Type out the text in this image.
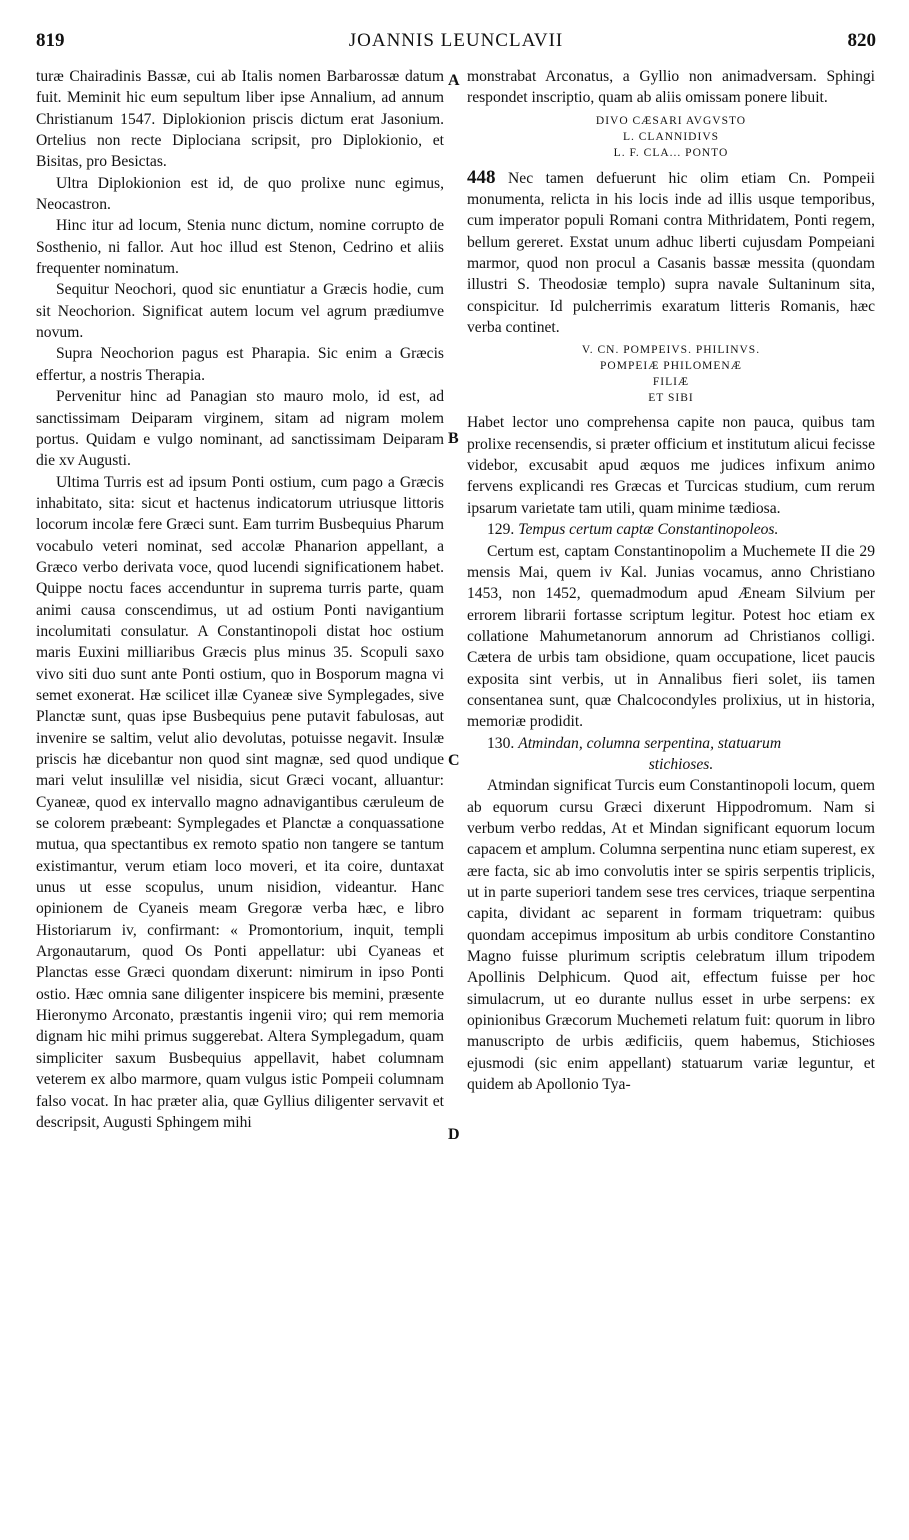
819	JOANNIS LEUNCLAVII	820

turæ Chairadinis Bassæ, cui ab Italis nomen Barbarossæ datum fuit. Meminit hic eum sepultum liber ipse Annalium, ad annum Christianum 1547. Diplokionion priscis dictum erat Jasonium. Ortelius non recte Diplociana scripsit, pro Diplokionio, et Bisitas, pro Besictas.

Ultra Diplokionion est id, de quo prolixe nunc egimus, Neocastron.

Hinc itur ad locum, Stenia nunc dictum, nomine corrupto de Sosthenio, ni fallor. Aut hoc illud est Stenon, Cedrino et aliis frequenter nominatum.

Sequitur Neochori, quod sic enuntiatur a Græcis hodie, cum sit Neochorion. Significat autem locum vel agrum prædiumve novum.

Supra Neochorion pagus est Pharapia. Sic enim a Græcis effertur, a nostris Therapia.

Pervenitur hinc ad Panagian sto mauro molo, id est, ad sanctissimam Deiparam virginem, sitam ad nigram molem portus. Quidam e vulgo nominant, ad sanctissimam Deiparam die xv Augusti.

Ultima Turris est ad ipsum Ponti ostium, cum pago a Græcis inhabitato, sita: sicut et hactenus indicatorum utriusque littoris locorum incolæ fere Græci sunt. Eam turrim Busbequius Pharum vocabulo veteri nominat, sed accolæ Phanarion appellant, a Græco verbo derivata voce, quod lucendi significationem habet. Quippe noctu faces accenduntur in suprema turris parte, quam animi causa conscendimus, ut ad ostium Ponti navigantium incolumitati consulatur. A Constantinopoli distat hoc ostium maris Euxini milliaribus Græcis plus minus 35. Scopuli saxo vivo siti duo sunt ante Ponti ostium, quo in Bosporum magna vi semet exonerat. Hæ scilicet illæ Cyaneæ sive Symplegades, sive Planctæ sunt, quas ipse Busbequius pene putavit fabulosas, aut invenire se saltim, velut alio devolutas, potuisse negavit. Insulæ priscis hæ dicebantur non quod sint magnæ, sed quod undique mari velut insulillæ vel nisidia, sicut Græci vocant, alluantur: Cyaneæ, quod ex intervallo magno adnavigantibus cæruleum de se colorem præbeant: Symplegades et Planctæ a conquassatione mutua, qua spectantibus ex remoto spatio non tangere se tantum existimantur, verum etiam loco moveri, et ita coire, duntaxat unus ut esse scopulus, unum nisidion, videantur. Hanc opinionem de Cyaneis meam Gregoræ verba hæc, e libro Historiarum iv, confirmant: « Promontorium, inquit, templi Argonautarum, quod Os Ponti appellatur: ubi Cyaneas et Planctas esse Græci quondam dixerunt: nimirum in ipso Ponti ostio. Hæc omnia sane diligenter inspicere bis memini, præsente Hieronymo Arconato, præstantis ingenii viro; qui rem memoria dignam hic mihi primus suggerebat. Altera Symplegadum, quam simpliciter saxum Busbequius appellavit, habet columnam veterem ex albo marmore, quam vulgus istic Pompeii columnam falso vocat. In hac præter alia, quæ Gyllius diligenter servavit et descripsit, Augusti Sphingem mihi

A
B
C
D

monstrabat Arconatus, a Gyllio non animadversam. Sphingi respondet inscriptio, quam ab aliis omissam ponere libuit.

DIVO CÆSARI AVGVSTO
L. CLANNIDIVS
L. F. CLA... PONTO

448 Nec tamen defuerunt hic olim etiam Cn. Pompeii monumenta, relicta in his locis inde ad illis usque temporibus, cum imperator populi Romani contra Mithridatem, Ponti regem, bellum gereret. Exstat unum adhuc liberti cujusdam Pompeiani marmor, quod non procul a Casanis bassæ messita (quondam illustri S. Theodosiæ templo) supra navale Sultaninum sita, conspicitur. Id pulcherrimis exaratum litteris Romanis, hæc verba continet.

V. CN. POMPEIVS. PHILINVS.
POMPEIÆ PHILOMENÆ
FILIÆ
ET SIBI

Habet lector uno comprehensa capite non pauca, quibus tam prolixe recensendis, si præter officium et institutum alicui fecisse videbor, excusabit apud æquos me judices infixum animo fervens explicandi res Græcas et Turcicas studium, cum rerum ipsarum varietate tam utili, quam minime tædiosa.

129. Tempus certum captæ Constantinopoleos.

Certum est, captam Constantinopolim a Muchemete II die 29 mensis Mai, quem iv Kal. Junias vocamus, anno Christiano 1453, non 1452, quemadmodum apud Æneam Silvium per errorem librarii fortasse scriptum legitur. Potest hoc etiam ex collatione Mahumetanorum annorum ad Christianos colligi. Cætera de urbis tam obsidione, quam occupatione, licet paucis exposita sint verbis, ut in Annalibus fieri solet, iis tamen consentanea sunt, quæ Chalcocondyles prolixius, ut in historia, memoriæ prodidit.

130. Atmindan, columna serpentina, statuarum

stichioses.

Atmindan significat Turcis eum Constantinopoli locum, quem ab equorum cursu Græci dixerunt Hippodromum. Nam si verbum verbo reddas, At et Mindan significant equorum locum capacem et amplum. Columna serpentina nunc etiam superest, ex ære facta, sic ab imo convolutis inter se spiris serpentis triplicis, ut in parte superiori tandem sese tres cervices, triaque serpentina capita, dividant ac separent in formam triquetram: quibus quondam accepimus impositum ab urbis conditore Constantino Magno fuisse plurimum scriptis celebratum illum tripodem Apollinis Delphicum. Quod ait, effectum fuisse per hoc simulacrum, ut eo durante nullus esset in urbe serpens: ex opinionibus Græcorum Muchemeti relatum fuit: quorum in libro manuscripto de urbis ædificiis, quem habemus, Stichioses ejusmodi (sic enim appellant) statuarum variæ leguntur, et quidem ab Apollonio Tya-
